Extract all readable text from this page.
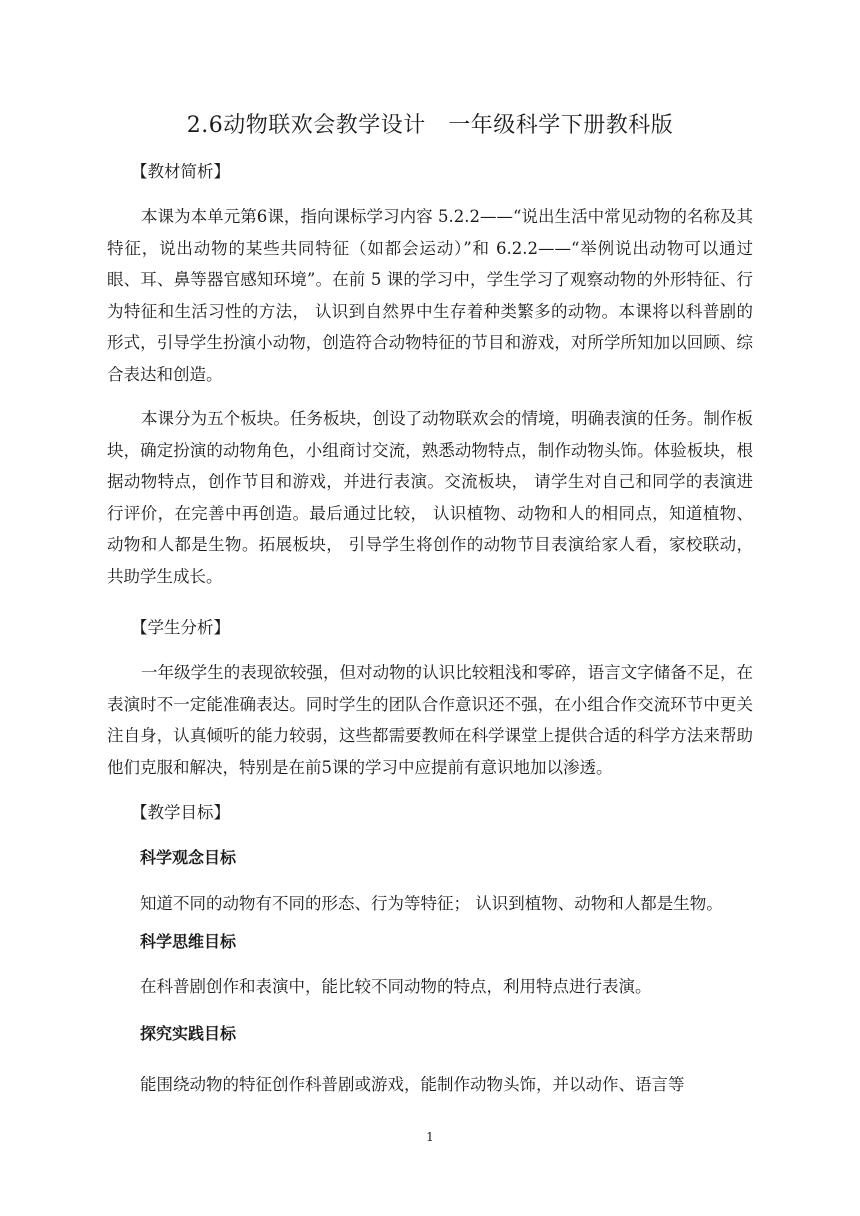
2.6动物联欢会教学设计　一年级科学下册教科版
【教材简析】

本课为本单元第6课，指向课标学习内容 5.2.2——“说出生活中常见动物的名称及其特征，说出动物的某些共同特征（如都会运动）”和 6.2.2——“举例说出动物可以通过眼、耳、鼻等器官感知环境”。在前 5 课的学习中，学生学习了观察动物的外形特征、行为特征和生活习性的方法， 认识到自然界中生存着种类繁多的动物。本课将以科普剧的形式，引导学生扮演小动物，创造符合动物特征的节目和游戏，对所学所知加以回顾、综合表达和创造。

本课分为五个板块。任务板块，创设了动物联欢会的情境，明确表演的任务。制作板块，确定扮演的动物角色，小组商讨交流，熟悉动物特点，制作动物头饰。体验板块，根据动物特点，创作节目和游戏，并进行表演。交流板块， 请学生对自己和同学的表演进行评价，在完善中再创造。最后通过比较， 认识植物、动物和人的相同点，知道植物、动物和人都是生物。拓展板块， 引导学生将创作的动物节目表演给家人看，家校联动，共助学生成长。

【学生分析】

一年级学生的表现欲较强，但对动物的认识比较粗浅和零碎，语言文字储备不足，在表演时不一定能准确表达。同时学生的团队合作意识还不强，在小组合作交流环节中更关注自身，认真倾听的能力较弱，这些都需要教师在科学课堂上提供合适的科学方法来帮助他们克服和解决，特别是在前5课的学习中应提前有意识地加以渗透。

【教学目标】
科学观念目标
知道不同的动物有不同的形态、行为等特征； 认识到植物、动物和人都是生物。
科学思维目标
在科普剧创作和表演中，能比较不同动物的特点，利用特点进行表演。
探究实践目标
能围绕动物的特征创作科普剧或游戏，能制作动物头饰，并以动作、语言等
1
